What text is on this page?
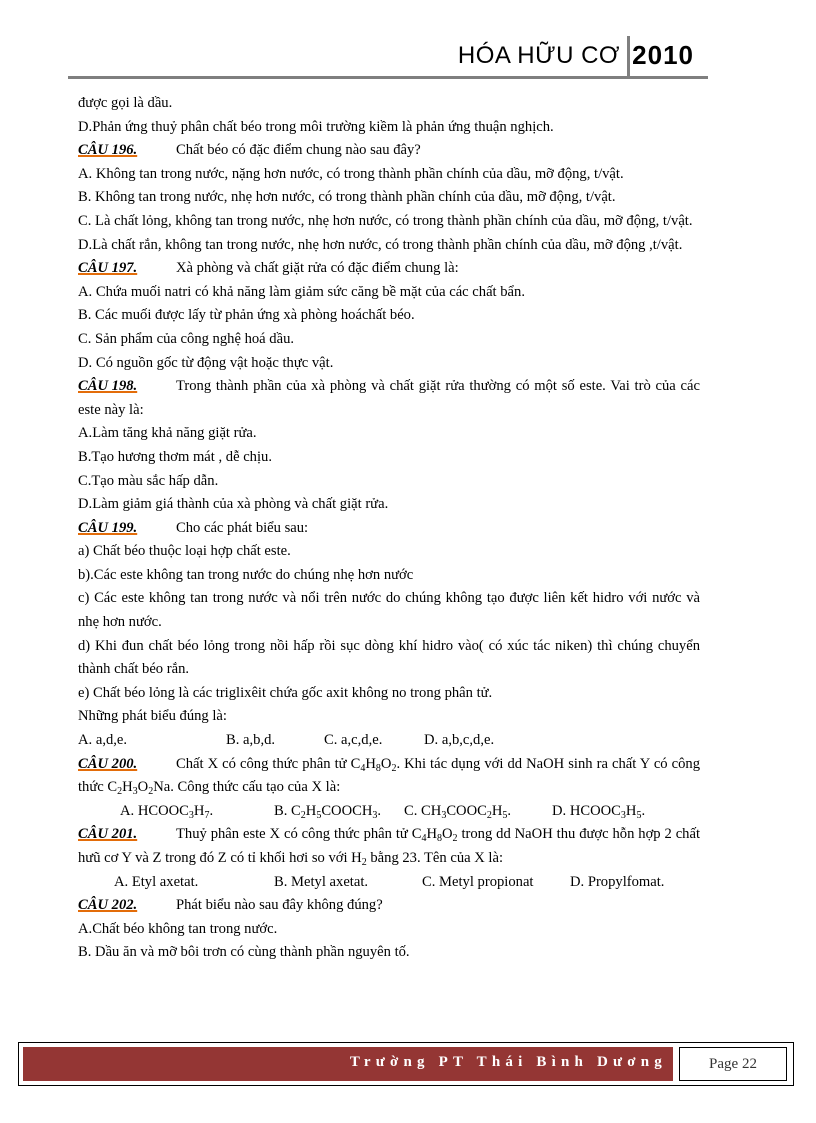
HÓA HỮU CƠ 2010

được gọi là dầu.

D.Phản ứng thuỷ phân chất béo trong môi trường kiềm là phản ứng thuận nghịch.

CÂU 196.	Chất béo có đặc điểm chung nào sau đây?

A. Không tan trong nước, nặng hơn nước, có trong thành phần chính của dầu, mỡ động, t/vật.

B. Không tan trong nước, nhẹ hơn nước, có trong thành phần chính của dầu, mỡ động, t/vật.

C. Là chất lỏng, không tan trong nước, nhẹ hơn nước, có trong thành phần chính của dầu, mỡ động, t/vật.

D.Là chất rắn, không tan trong nước, nhẹ hơn nước, có trong thành phần chính của dầu, mỡ động ,t/vật.

CÂU 197.	Xà phòng và chất giặt rửa có đặc điểm chung là:

A. Chứa muối natri có khả năng làm giảm sức căng bề mặt của các chất bẩn.

B. Các muối được lấy từ phản ứng xà phòng hoáchất béo.

C. Sản phẩm của công nghệ hoá dầu.

D. Có nguồn gốc từ động vật hoặc thực vật.

CÂU 198.	Trong thành phần của xà phòng và chất giặt rửa thường có một số este. Vai trò của các este này là:

A.Làm tăng khả năng giặt rửa.

B.Tạo hương thơm mát , dễ chịu.

C.Tạo màu sắc hấp dẫn.

D.Làm giảm giá thành của xà phòng và chất giặt rửa.

CÂU 199.	Cho các phát biểu sau:

a) Chất béo thuộc loại hợp chất este.

b).Các este không tan trong nước do chúng nhẹ hơn nước

c) Các este không tan trong nước và nổi trên nước do chúng không tạo được liên kết hidro với nước và nhẹ hơn nước.

d) Khi đun chất béo lỏng trong nồi hấp rồi sục dòng khí hidro vào( có xúc tác niken) thì chúng chuyển thành chất béo rắn.

e) Chất béo lỏng là các triglixêit chứa gốc axit không no trong phân tử.

Những phát biểu đúng là:

A. a,d,e.	B. a,b,d.	C. a,c,d,e.	D. a,b,c,d,e.

CÂU 200.	Chất X có công thức phân tử $C_4H_8O_2$. Khi tác dụng với dd NaOH sinh ra chất Y có công thức $C_2H_3O_2Na$. Công thức cấu tạo của X là:

A. $HCOOC_3H_7$.	B. $C_2H_5COOCH_3$. C. $CH_3COOC_2H_5$.	D. $HCOOC_3H_5$.

CÂU 201.	Thuỷ phân este X có công thức phân tử $C_4H_8O_2$ trong dd NaOH thu được hỗn hợp 2 chất hưũ cơ Y và Z trong đó Z có tỉ khối hơi so với $H_2$ bằng 23. Tên của X là:

A. Etyl axetat.	B. Metyl axetat.	C. Metyl propionat	D. Propylfomat.

CÂU 202.	Phát biểu nào sau đây không đúng?

A.Chất béo không tan trong nước.

B. Dầu ăn và mỡ bôi trơn có cùng thành phần nguyên tố.

Trường PT Thái Bình Dương	Page 22
